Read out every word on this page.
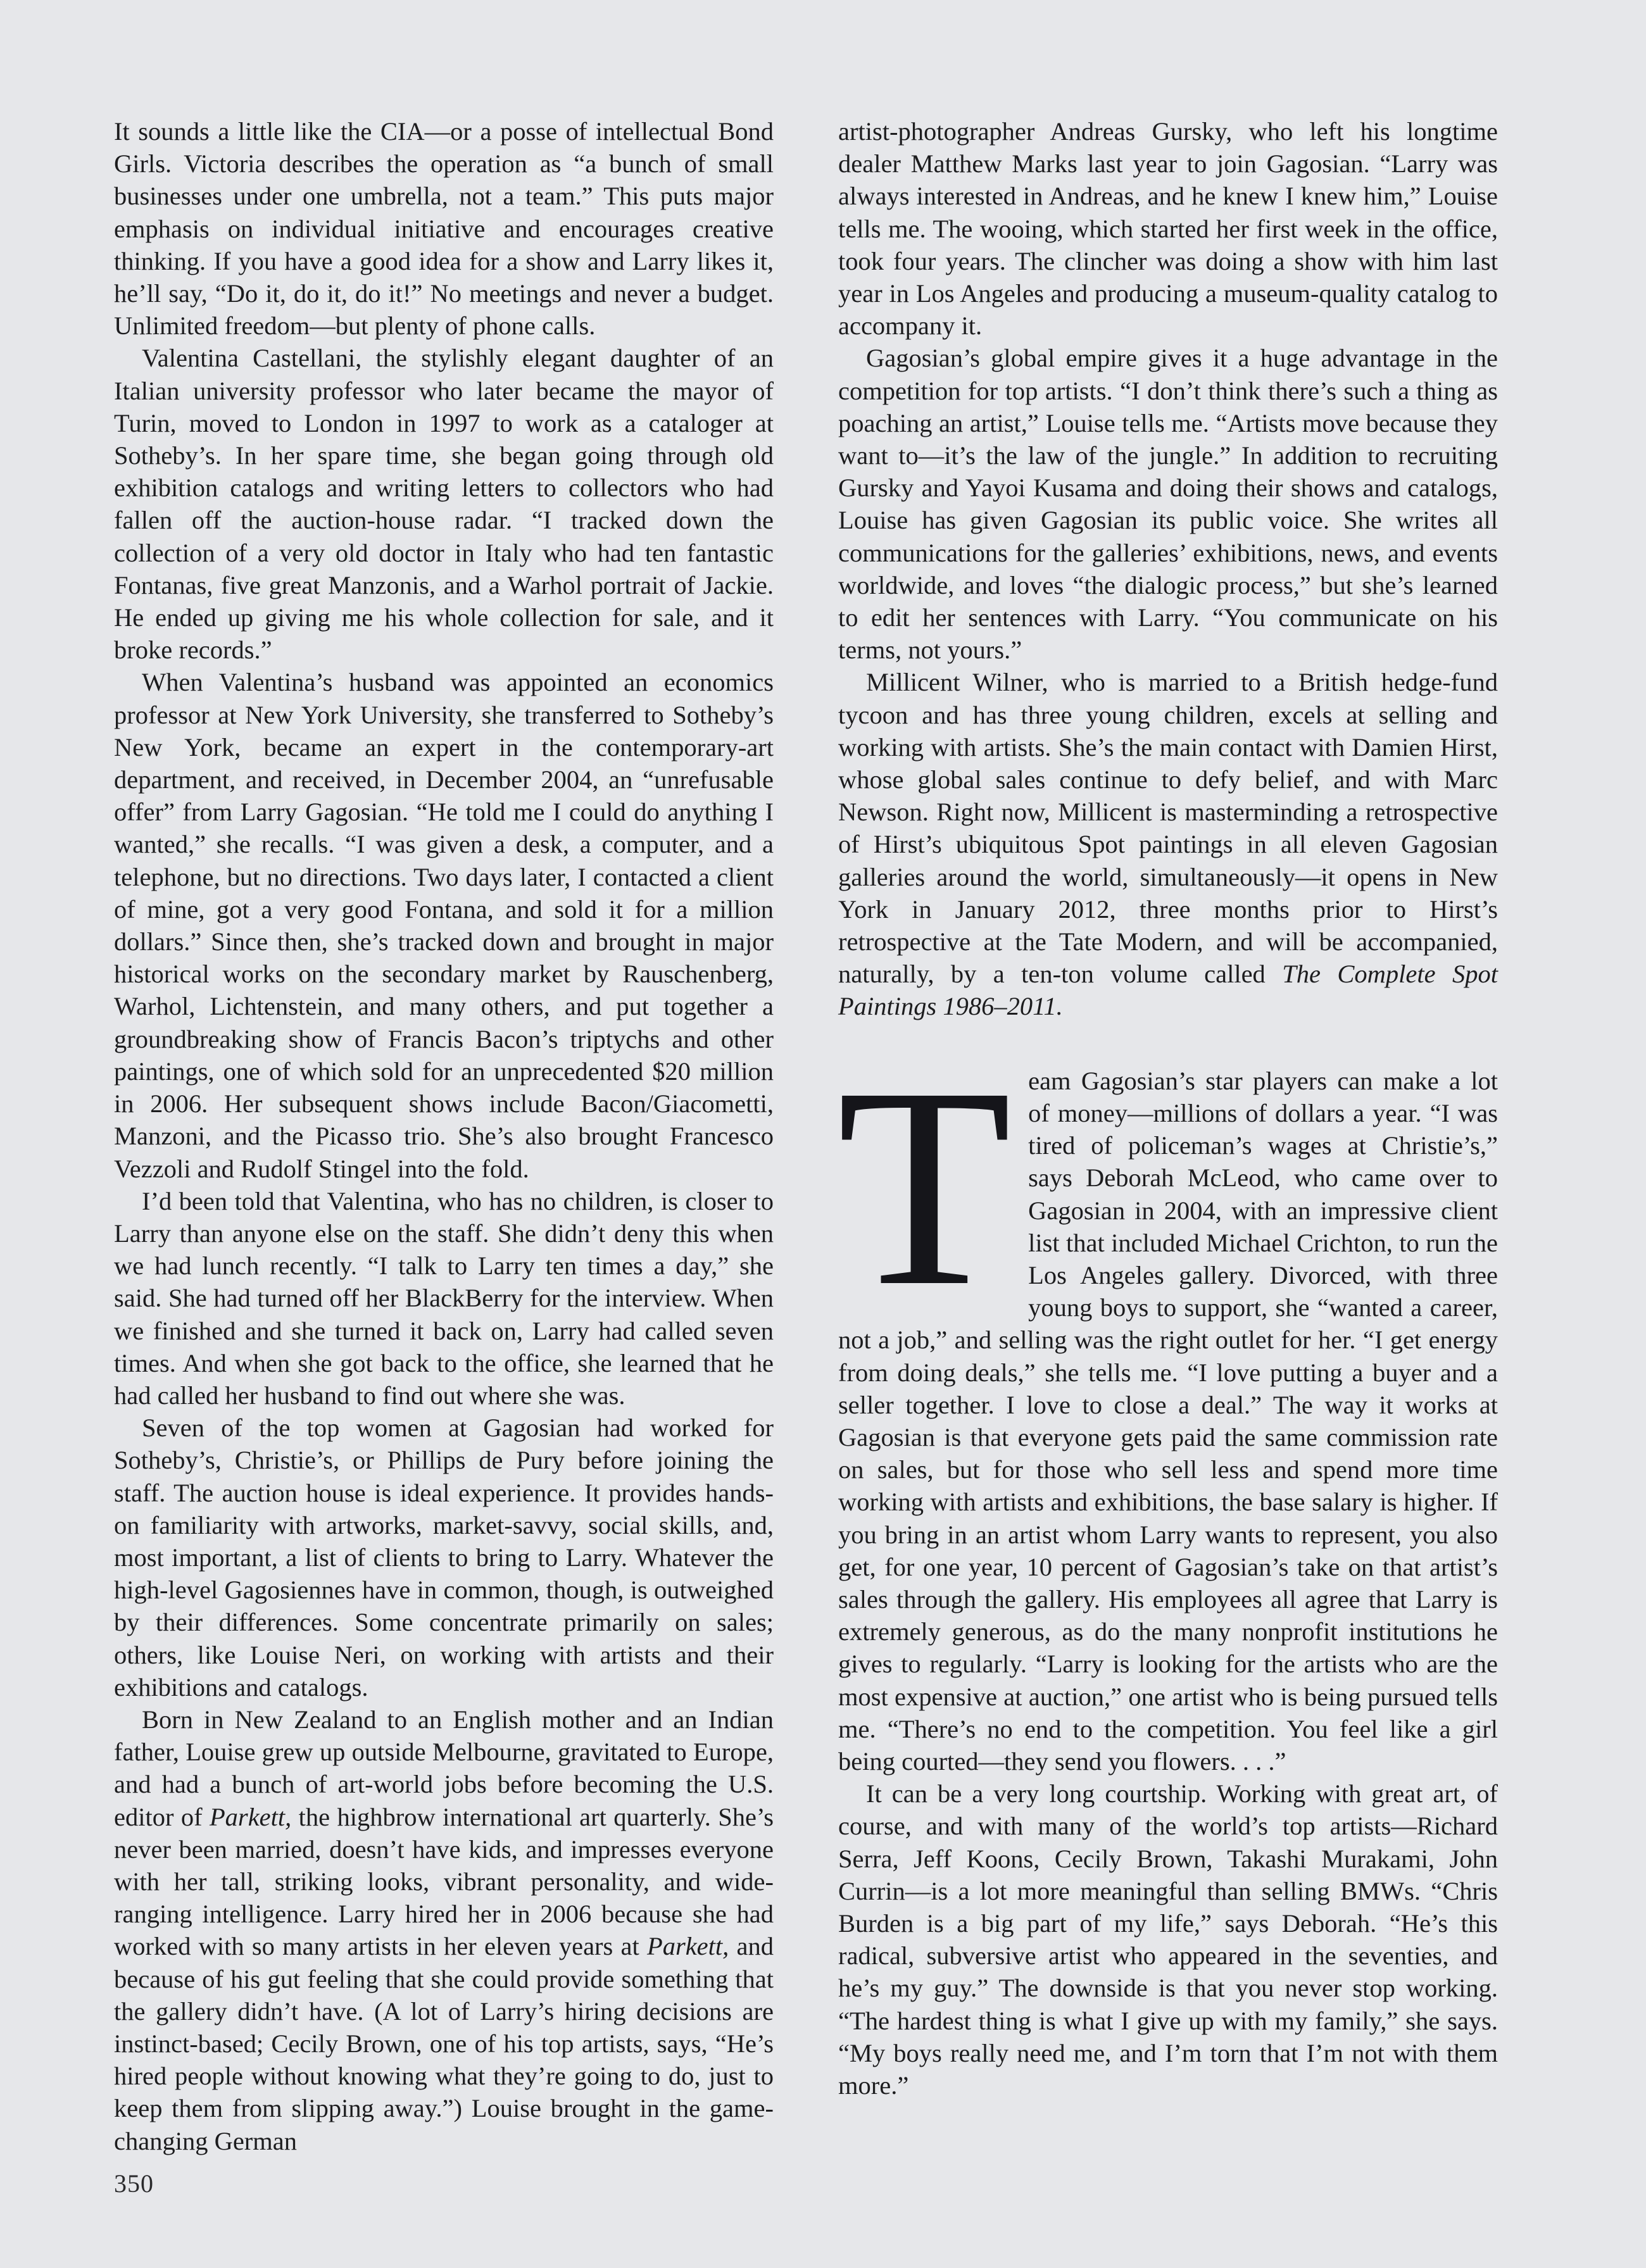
It sounds a little like the CIA—or a posse of intellectual Bond Girls. Victoria describes the operation as “a bunch of small businesses under one umbrella, not a team.” This puts major emphasis on individual initiative and encourages creative thinking. If you have a good idea for a show and Larry likes it, he’ll say, “Do it, do it, do it!” No meetings and never a budget. Unlimited freedom—but plenty of phone calls.

Valentina Castellani, the stylishly elegant daughter of an Italian university professor who later became the mayor of Turin, moved to London in 1997 to work as a cataloger at Sotheby’s. In her spare time, she began going through old exhibition catalogs and writing letters to collectors who had fallen off the auction-house radar. “I tracked down the collection of a very old doctor in Italy who had ten fantastic Fontanas, five great Manzonis, and a Warhol portrait of Jackie. He ended up giving me his whole collection for sale, and it broke records.”

When Valentina’s husband was appointed an economics professor at New York University, she transferred to Sotheby’s New York, became an expert in the contemporary-art department, and received, in December 2004, an “unrefusable offer” from Larry Gagosian. “He told me I could do anything I wanted,” she recalls. “I was given a desk, a computer, and a telephone, but no directions. Two days later, I contacted a client of mine, got a very good Fontana, and sold it for a million dollars.” Since then, she’s tracked down and brought in major historical works on the secondary market by Rauschenberg, Warhol, Lichtenstein, and many others, and put together a groundbreaking show of Francis Bacon’s triptychs and other paintings, one of which sold for an unprecedented $20 million in 2006. Her subsequent shows include Bacon/Giacometti, Manzoni, and the Picasso trio. She’s also brought Francesco Vezzoli and Rudolf Stingel into the fold.

I’d been told that Valentina, who has no children, is closer to Larry than anyone else on the staff. She didn’t deny this when we had lunch recently. “I talk to Larry ten times a day,” she said. She had turned off her BlackBerry for the interview. When we finished and she turned it back on, Larry had called seven times. And when she got back to the office, she learned that he had called her husband to find out where she was.

Seven of the top women at Gagosian had worked for Sotheby’s, Christie’s, or Phillips de Pury before joining the staff. The auction house is ideal experience. It provides hands-on familiarity with artworks, market-savvy, social skills, and, most important, a list of clients to bring to Larry. Whatever the high-level Gagosiennes have in common, though, is outweighed by their differences. Some concentrate primarily on sales; others, like Louise Neri, on working with artists and their exhibitions and catalogs.

Born in New Zealand to an English mother and an Indian father, Louise grew up outside Melbourne, gravitated to Europe, and had a bunch of art-world jobs before becoming the U.S. editor of Parkett, the highbrow international art quarterly. She’s never been married, doesn’t have kids, and impresses everyone with her tall, striking looks, vibrant personality, and wide-ranging intelligence. Larry hired her in 2006 because she had worked with so many artists in her eleven years at Parkett, and because of his gut feeling that she could provide something that the gallery didn’t have. (A lot of Larry’s hiring decisions are instinct-based; Cecily Brown, one of his top artists, says, “He’s hired people without knowing what they’re going to do, just to keep them from slipping away.”) Louise brought in the game-changing German

artist-photographer Andreas Gursky, who left his longtime dealer Matthew Marks last year to join Gagosian. “Larry was always interested in Andreas, and he knew I knew him,” Louise tells me. The wooing, which started her first week in the office, took four years. The clincher was doing a show with him last year in Los Angeles and producing a museum-quality catalog to accompany it.

Gagosian’s global empire gives it a huge advantage in the competition for top artists. “I don’t think there’s such a thing as poaching an artist,” Louise tells me. “Artists move because they want to—it’s the law of the jungle.” In addition to recruiting Gursky and Yayoi Kusama and doing their shows and catalogs, Louise has given Gagosian its public voice. She writes all communications for the galleries’ exhibitions, news, and events worldwide, and loves “the dialogic process,” but she’s learned to edit her sentences with Larry. “You communicate on his terms, not yours.”

Millicent Wilner, who is married to a British hedge-fund tycoon and has three young children, excels at selling and working with artists. She’s the main contact with Damien Hirst, whose global sales continue to defy belief, and with Marc Newson. Right now, Millicent is masterminding a retrospective of Hirst’s ubiquitous Spot paintings in all eleven Gagosian galleries around the world, simultaneously—it opens in New York in January 2012, three months prior to Hirst’s retrospective at the Tate Modern, and will be accompanied, naturally, by a ten-ton volume called The Complete Spot Paintings 1986–2011.

Team Gagosian’s star players can make a lot of money—millions of dollars a year. “I was tired of policeman’s wages at Christie’s,” says Deborah McLeod, who came over to Gagosian in 2004, with an impressive client list that included Michael Crichton, to run the Los Angeles gallery. Divorced, with three young boys to support, she “wanted a career, not a job,” and selling was the right outlet for her. “I get energy from doing deals,” she tells me. “I love putting a buyer and a seller together. I love to close a deal.” The way it works at Gagosian is that everyone gets paid the same commission rate on sales, but for those who sell less and spend more time working with artists and exhibitions, the base salary is higher. If you bring in an artist whom Larry wants to represent, you also get, for one year, 10 percent of Gagosian’s take on that artist’s sales through the gallery. His employees all agree that Larry is extremely generous, as do the many nonprofit institutions he gives to regularly. “Larry is looking for the artists who are the most expensive at auction,” one artist who is being pursued tells me. “There’s no end to the competition. You feel like a girl being courted—they send you flowers. . . .”

It can be a very long courtship. Working with great art, of course, and with many of the world’s top artists—Richard Serra, Jeff Koons, Cecily Brown, Takashi Murakami, John Currin—is a lot more meaningful than selling BMWs. “Chris Burden is a big part of my life,” says Deborah. “He’s this radical, subversive artist who appeared in the seventies, and he’s my guy.” The downside is that you never stop working. “The hardest thing is what I give up with my family,” she says. “My boys really need me, and I’m torn that I’m not with them more.”

350
